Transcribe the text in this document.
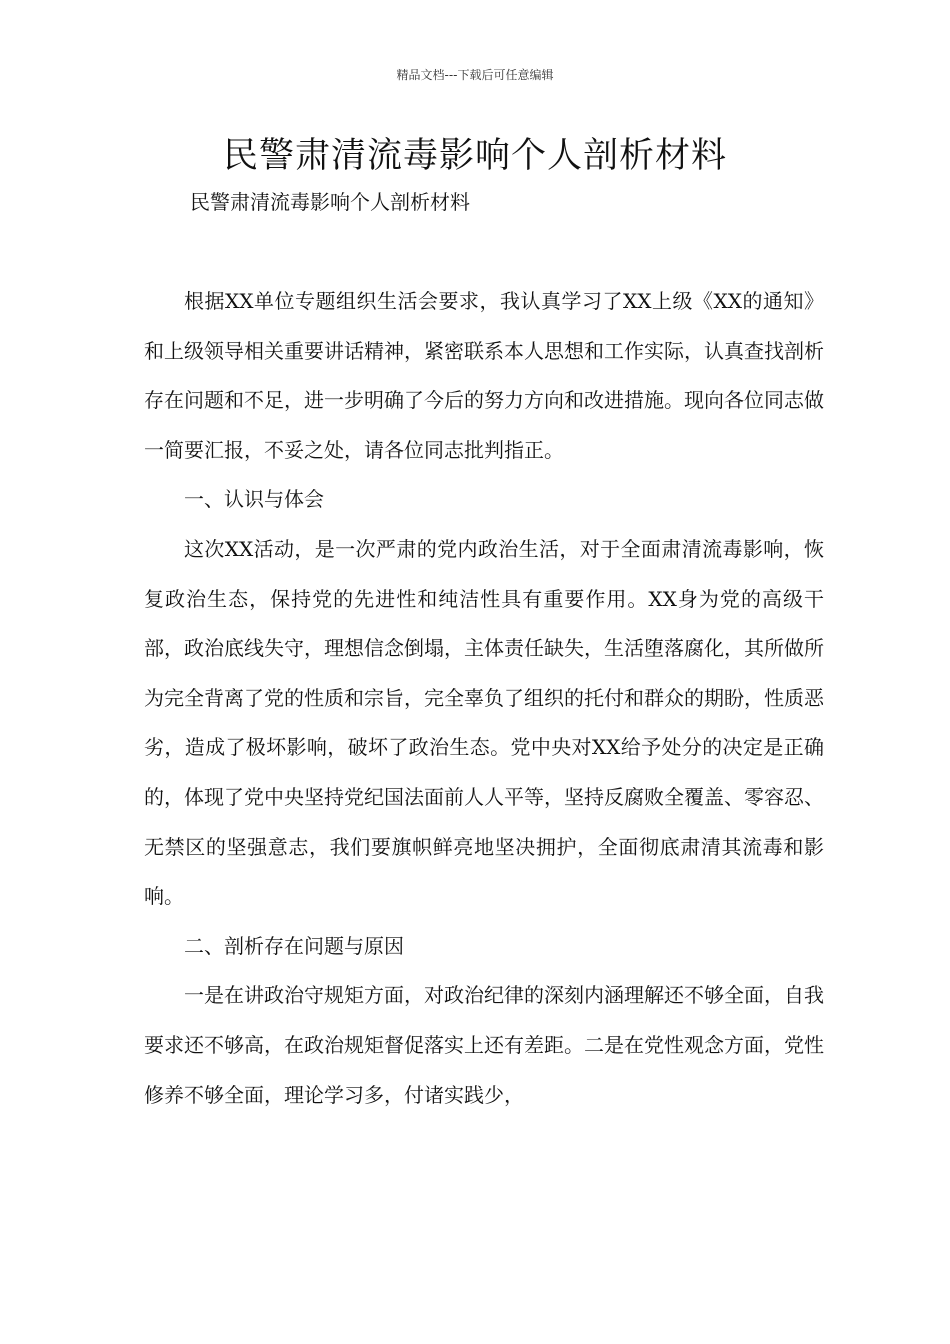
精品文档---下载后可任意编辑
民警肃清流毒影响个人剖析材料

民警肃清流毒影响个人剖析材料

根据XX单位专题组织生活会要求，我认真学习了XX上级《XX的通知》和上级领导相关重要讲话精神，紧密联系本人思想和工作实际，认真查找剖析存在问题和不足，进一步明确了今后的努力方向和改进措施。现向各位同志做一简要汇报，不妥之处，请各位同志批判指正。

一、认识与体会

这次XX活动，是一次严肃的党内政治生活，对于全面肃清流毒影响，恢复政治生态，保持党的先进性和纯洁性具有重要作用。XX身为党的高级干部，政治底线失守，理想信念倒塌，主体责任缺失，生活堕落腐化，其所做所为完全背离了党的性质和宗旨，完全辜负了组织的托付和群众的期盼，性质恶劣，造成了极坏影响，破坏了政治生态。党中央对XX给予处分的决定是正确的，体现了党中央坚持党纪国法面前人人平等，坚持反腐败全覆盖、零容忍、无禁区的坚强意志，我们要旗帜鲜亮地坚决拥护，全面彻底肃清其流毒和影响。

二、剖析存在问题与原因

一是在讲政治守规矩方面，对政治纪律的深刻内涵理解还不够全面，自我要求还不够高，在政治规矩督促落实上还有差距。二是在党性观念方面，党性修养不够全面，理论学习多，付诸实践少，
